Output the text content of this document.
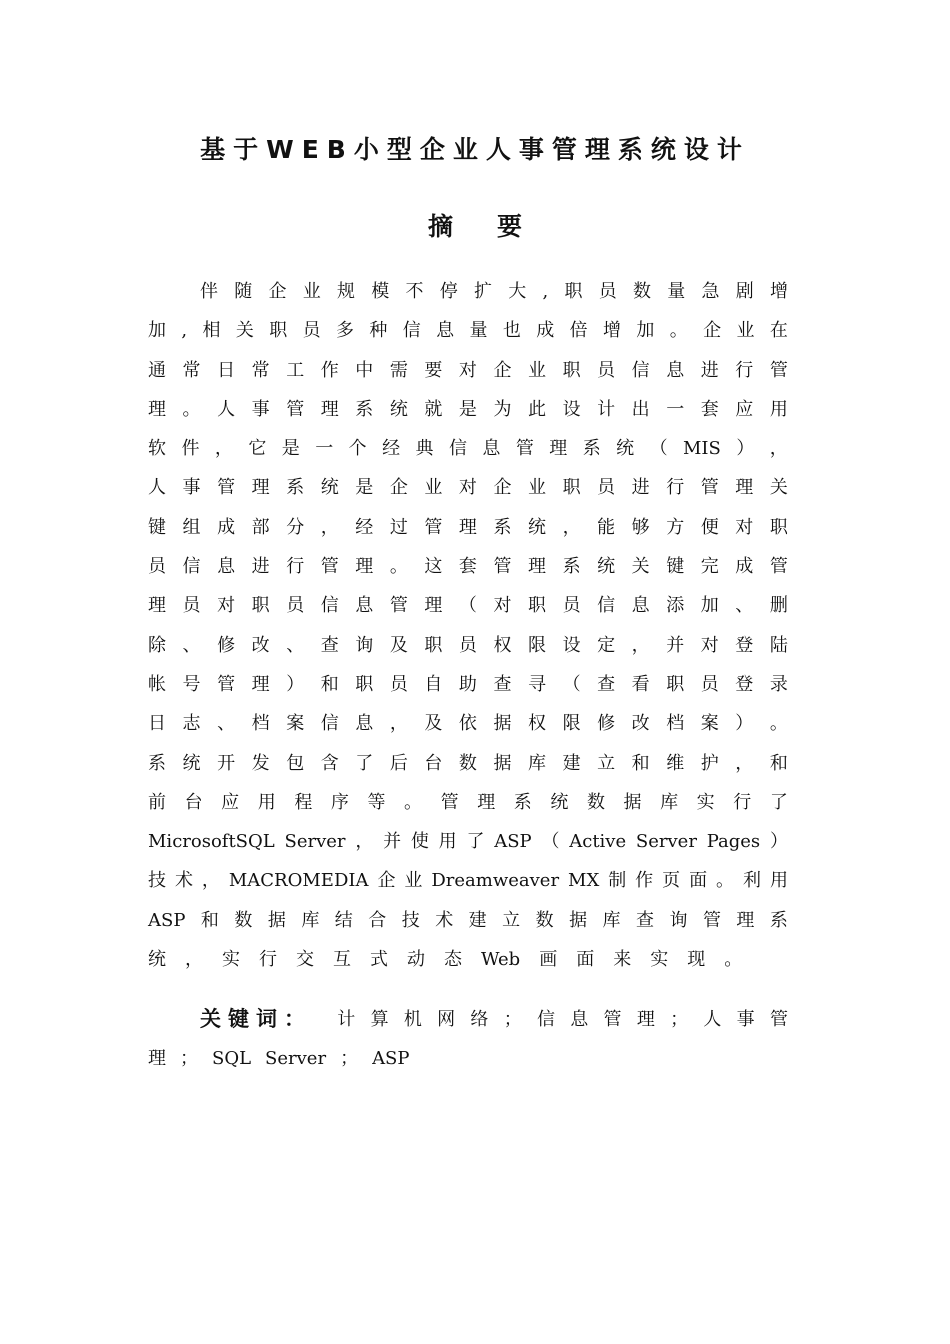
基于WEB小型企业人事管理系统设计
摘要
伴 随 企 业 规 模 不 停 扩 大 , 职 员 数 量 急 剧 增
加 , 相 关 职 员 多 种 信 息 量 也 成 倍 增 加 。 企 业 在
通 常 日 常 工 作 中 需 要 对 企 业 职 员 信 息 进 行 管
理 。 人 事 管 理 系 统 就 是 为 此 设 计 出 一 套 应 用
软 件 ， 它 是 一 个 经 典 信 息 管 理 系 统 （ MIS ） ，
人 事 管 理 系 统 是 企 业 对 企 业 职 员 进 行 管 理 关
键 组 成 部 分 ， 经 过 管 理 系 统 ， 能 够 方 便 对 职
员 信 息 进 行 管 理 。 这 套 管 理 系 统 关 键 完 成 管
理 员 对 职 员 信 息 管 理 （ 对 职 员 信 息 添 加 、 删
除 、 修 改 、 查 询 及 职 员 权 限 设 定 ， 并 对 登 陆
帐 号 管 理 ） 和 职 员 自 助 查 寻 （ 查 看 职 员 登 录
日 志 、 档 案 信 息 ， 及 依 据 权 限 修 改 档 案 ） 。
系 统 开 发 包 含 了 后 台 数 据 库 建 立 和 维 护 ， 和
前 台 应 用 程 序 等 。 管 理 系 统 数 据 库 实 行 了
MicrosoftSQL Server ， 并 使 用 了 ASP （ Active Server Pages ）
技 术 ， MACROMEDIA 企 业 Dreamweaver MX 制 作 页 面 。 利 用
ASP 和 数 据 库 结 合 技 术 建 立 数 据 库 查 询 管 理 系
统 ， 实 行 交 互 式 动 态 Web 画 面 来 实 现 。
关键词： 计 算 机 网 络 ； 信 息 管 理 ； 人 事 管
理 ； SQL Server ； ASP
